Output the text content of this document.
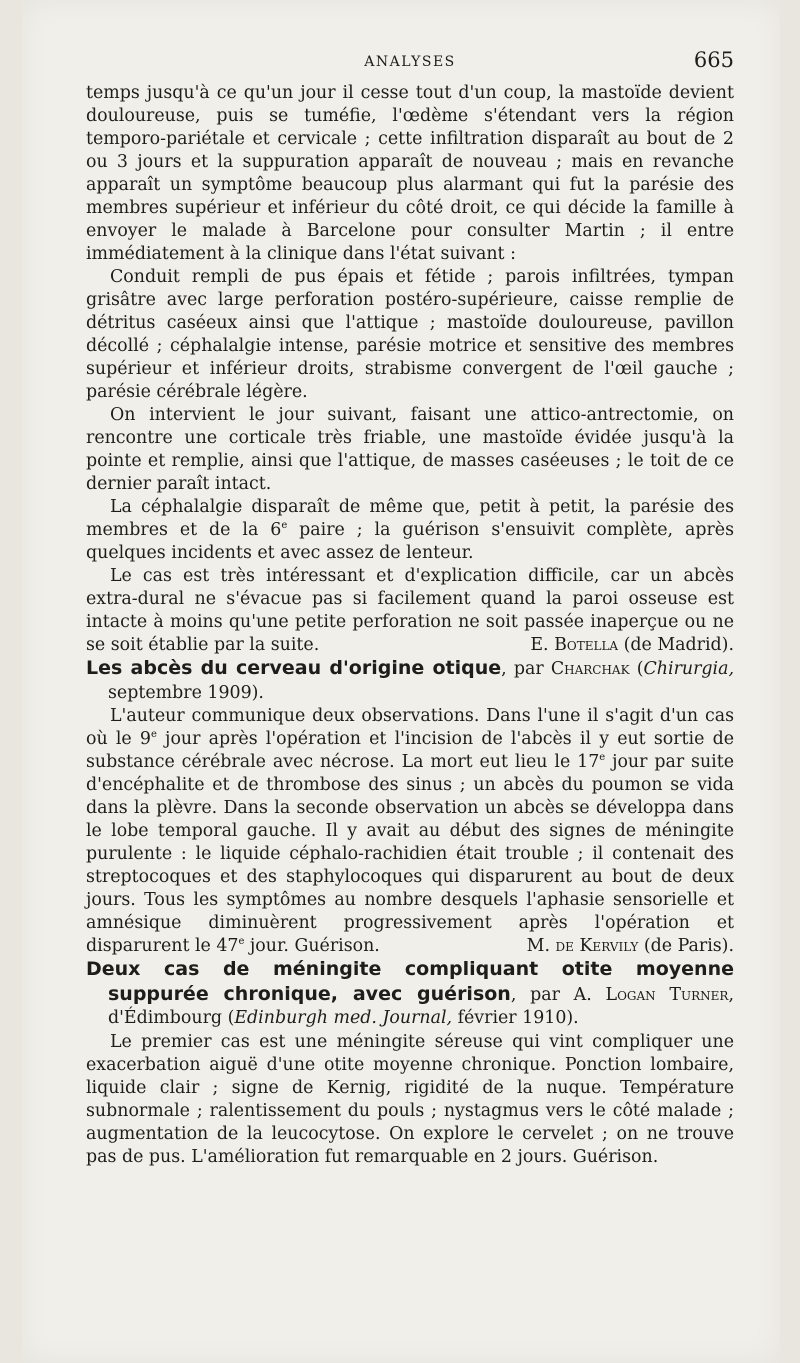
ANALYSES	665

temps jusqu'à ce qu'un jour il cesse tout d'un coup, la mastoïde devient douloureuse, puis se tuméfie, l'œdème s'étendant vers la région temporo-pariétale et cervicale ; cette infiltration disparaît au bout de 2 ou 3 jours et la suppuration apparaît de nouveau ; mais en revanche apparaît un symptôme beaucoup plus alarmant qui fut la parésie des membres supérieur et inférieur du côté droit, ce qui décide la famille à envoyer le malade à Barcelone pour consulter Martin ; il entre immédiatement à la clinique dans l'état suivant :

Conduit rempli de pus épais et fétide ; parois infiltrées, tympan grisâtre avec large perforation postéro-supérieure, caisse remplie de détritus caséeux ainsi que l'attique ; mastoïde douloureuse, pavillon décollé ; céphalalgie intense, parésie motrice et sensitive des membres supérieur et inférieur droits, strabisme convergent de l'œil gauche ; parésie cérébrale légère.

On intervient le jour suivant, faisant une attico-antrectomie, on rencontre une corticale très friable, une mastoïde évidée jusqu'à la pointe et remplie, ainsi que l'attique, de masses caséeuses ; le toit de ce dernier paraît intact.

La céphalalgie disparaît de même que, petit à petit, la parésie des membres et de la 6e paire ; la guérison s'ensuivit complète, après quelques incidents et avec assez de lenteur.

Le cas est très intéressant et d'explication difficile, car un abcès extra-dural ne s'évacue pas si facilement quand la paroi osseuse est intacte à moins qu'une petite perforation ne soit passée inaperçue ou ne se soit établie par la suite.	E. Botella (de Madrid).

Les abcès du cerveau d'origine otique, par Charchak (Chirurgia, septembre 1909).

L'auteur communique deux observations. Dans l'une il s'agit d'un cas où le 9e jour après l'opération et l'incision de l'abcès il y eut sortie de substance cérébrale avec nécrose. La mort eut lieu le 17e jour par suite d'encéphalite et de thrombose des sinus ; un abcès du poumon se vida dans la plèvre. Dans la seconde observation un abcès se développa dans le lobe temporal gauche. Il y avait au début des signes de méningite purulente : le liquide céphalo-rachidien était trouble ; il contenait des streptocoques et des staphylocoques qui disparurent au bout de deux jours. Tous les symptômes au nombre desquels l'aphasie sensorielle et amnésique diminuèrent progressivement après l'opération et disparurent le 47e jour. Guérison.	M. de Kervily (de Paris).

Deux cas de méningite compliquant otite moyenne suppurée chronique, avec guérison, par A. Logan Turner, d'Édimbourg (Edinburgh med. Journal, février 1910).

Le premier cas est une méningite séreuse qui vint compliquer une exacerbation aiguë d'une otite moyenne chronique. Ponction lombaire, liquide clair ; signe de Kernig, rigidité de la nuque. Température subnormale ; ralentissement du pouls ; nystagmus vers le côté malade ; augmentation de la leucocytose. On explore le cervelet ; on ne trouve pas de pus. L'amélioration fut remarquable en 2 jours. Guérison.
